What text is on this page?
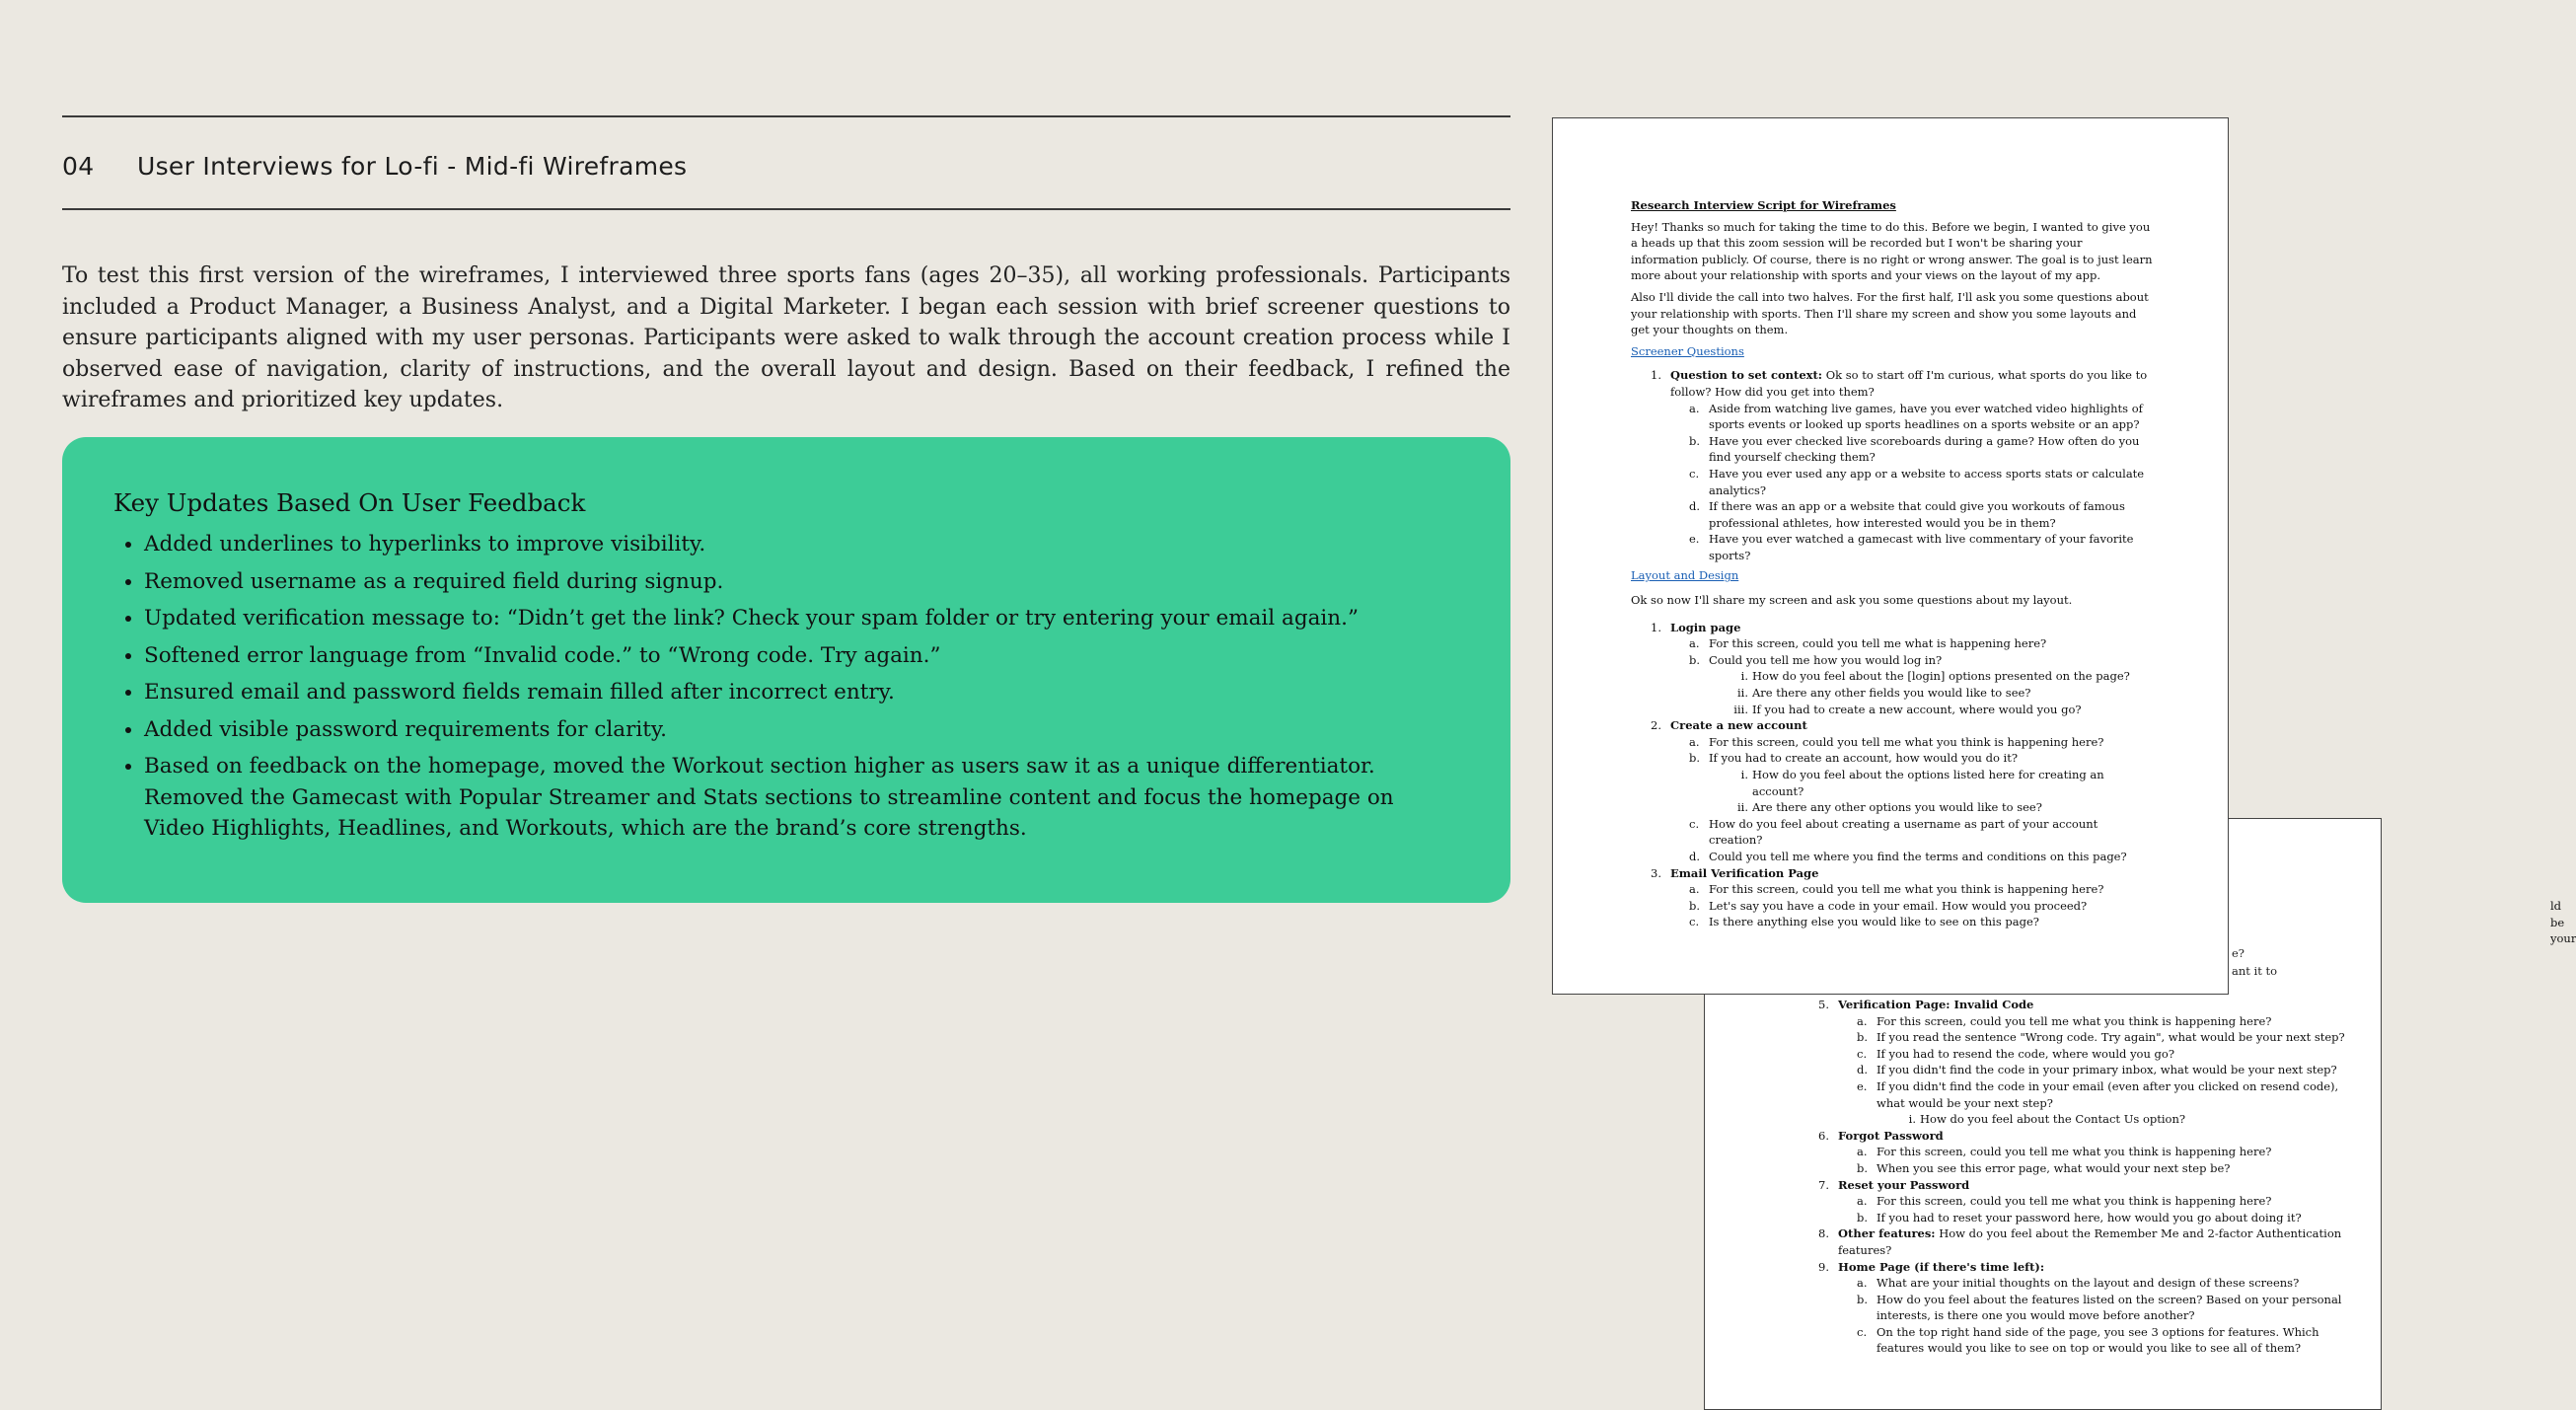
04	User Interviews for Lo-fi - Mid-fi Wireframes

To test this first version of the wireframes, I interviewed three sports fans (ages 20–35), all working professionals. Participants included a Product Manager, a Business Analyst, and a Digital Marketer. I began each session with brief screener questions to ensure participants aligned with my user personas. Participants were asked to walk through the account creation process while I observed ease of navigation, clarity of instructions, and the overall layout and design. Based on their feedback, I refined the wireframes and prioritized key updates.

Key Updates Based On User Feedback
• Added underlines to hyperlinks to improve visibility.
• Removed username as a required field during signup.
• Updated verification message to: “Didn’t get the link? Check your spam folder or try entering your email again.”
• Softened error language from “Invalid code.” to “Wrong code. Try again.”
• Ensured email and password fields remain filled after incorrect entry.
• Added visible password requirements for clarity.
• Based on feedback on the homepage, moved the Workout section higher as users saw it as a unique differentiator. Removed the Gamecast with Popular Streamer and Stats sections to streamline content and focus the homepage on Video Highlights, Headlines, and Workouts, which are the brand’s core strengths.
ld be your
5. Verification Page: Invalid Code
a. For this screen, could you tell me what you think is happening here?
b. If you read the sentence "Wrong code. Try again", what would be your next step?
c. If you had to resend the code, where would you go?
d. If you didn't find the code in your primary inbox, what would be your next step?
e. If you didn't find the code in your email (even after you clicked on resend code), what would be your next step?
i. How do you feel about the Contact Us option?
6. Forgot Password
a. For this screen, could you tell me what you think is happening here?
b. When you see this error page, what would your next step be?
7. Reset your Password
a. For this screen, could you tell me what you think is happening here?
b. If you had to reset your password here, how would you go about doing it?
8. Other features: How do you feel about the Remember Me and 2-factor Authentication features?
9. Home Page (if there's time left):
a. What are your initial thoughts on the layout and design of these screens?
b. How do you feel about the features listed on the screen? Based on your personal interests, is there one you would move before another?
c. On the top right hand side of the page, you see 3 options for features. Which features would you like to see on top or would you like to see all of them?
Research Interview Script for Wireframes

Hey! Thanks so much for taking the time to do this. Before we begin, I wanted to give you a heads up that this zoom session will be recorded but I won't be sharing your information publicly. Of course, there is no right or wrong answer. The goal is to just learn more about your relationship with sports and your views on the layout of my app.

Also I'll divide the call into two halves. For the first half, I'll ask you some questions about your relationship with sports. Then I'll share my screen and show you some layouts and get your thoughts on them.

Screener Questions
1. Question to set context: Ok so to start off I'm curious, what sports do you like to follow? How did you get into them?
a. Aside from watching live games, have you ever watched video highlights of sports events or looked up sports headlines on a sports website or an app?
b. Have you ever checked live scoreboards during a game? How often do you find yourself checking them?
c. Have you ever used any app or a website to access sports stats or calculate analytics?
d. If there was an app or a website that could give you workouts of famous professional athletes, how interested would you be in them?
e. Have you ever watched a gamecast with live commentary of your favorite sports?
Layout and Design

Ok so now I'll share my screen and ask you some questions about my layout.

1. Login page
a. For this screen, could you tell me what is happening here?
b. Could you tell me how you would log in?
i. How do you feel about the [login] options presented on the page?
ii. Are there any other fields you would like to see?
iii. If you had to create a new account, where would you go?
2. Create a new account
a. For this screen, could you tell me what you think is happening here?
b. If you had to create an account, how would you do it?
i. How do you feel about the options listed here for creating an account?
ii. Are there any other options you would like to see?
c. How do you feel about creating a username as part of your account creation?
d. Could you tell me where you find the terms and conditions on this page?
3. Email Verification Page
a. For this screen, could you tell me what you think is happening here?
b. Let's say you have a code in your email. How would you proceed?
c. Is there anything else you would like to see on this page?
e?
ant it to
